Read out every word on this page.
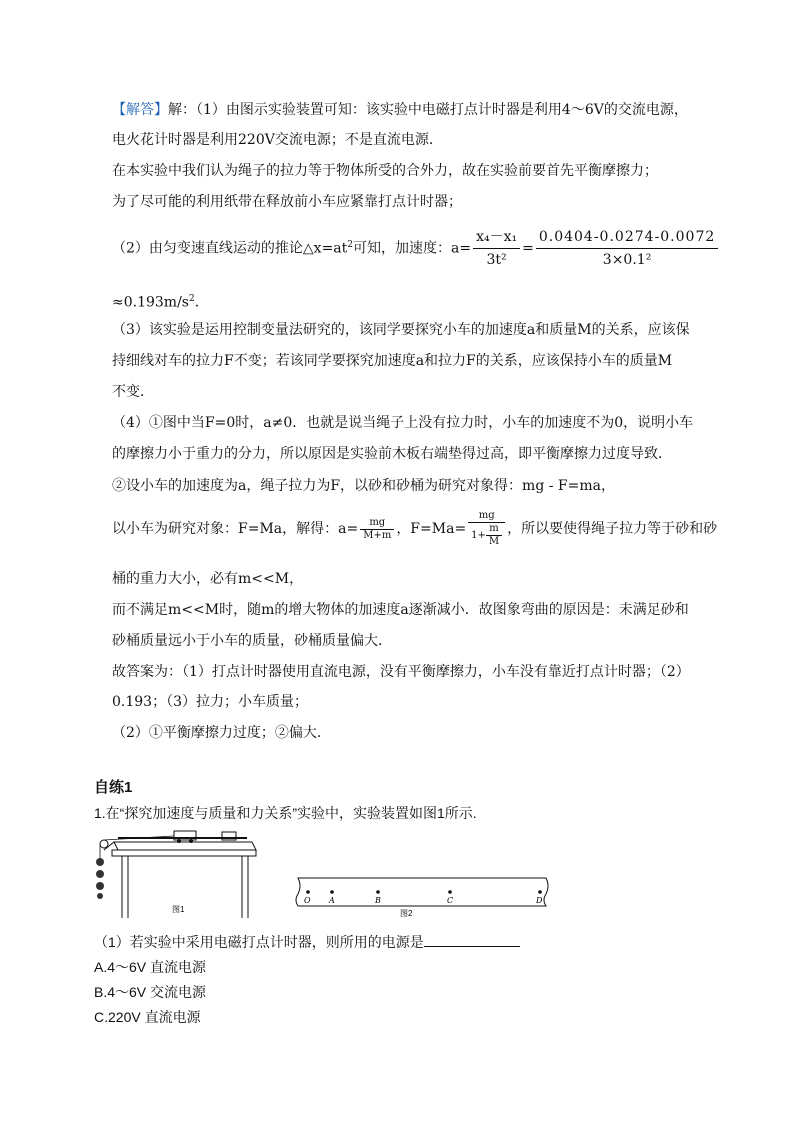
【解答】解：（1）由图示实验装置可知：该实验中电磁打点计时器是利用4～6V的交流电源，
电火花计时器是利用220V交流电源；不是直流电源．
在本实验中我们认为绳子的拉力等于物体所受的合外力，故在实验前要首先平衡摩擦力；
为了尽可能的利用纸带在释放前小车应紧靠打点计时器；
（2）由匀变速直线运动的推论$\triangle x=at^2$可知，加速度：$a= \frac{\text{x₄－x₁}}{\text{3t²}} = \frac{0.0404-0.0274-0.0072}{\text{3×0.1²}}$
$\approx 0.193m/s^2$．
（3）该实验是运用控制变量法研究的，该同学要探究小车的加速度a和质量M的关系，应该保
持细线对车的拉力F不变；若该同学要探究加速度a和拉力F的关系，应该保持小车的质量M
不变．
（4）①图中当F=0时，a≠0．也就是说当绳子上没有拉力时，小车的加速度不为0，说明小车
的摩擦力小于重力的分力，所以原因是实验前木板右端垫得过高，即平衡摩擦力过度导致．
②设小车的加速度为a，绳子拉力为F，以砂和砂桶为研究对象得：mg - F=ma，
以小车为研究对象：F=Ma，解得：$a= \frac{mg}{M+m}$ ，$F=Ma= \frac{mg}{1+ \frac{m}{M}}$ ，所以要使得绳子拉力等于砂和砂
桶的重力大小，必有m<<M，
而不满足m<<M时，随m的增大物体的加速度a逐渐减小．故图象弯曲的原因是：未满足砂和
砂桶质量远小于小车的质量，砂桶质量偏大．
故答案为：（1）打点计时器使用直流电源，没有平衡摩擦力，小车没有靠近打点计时器；（2）
0.193；（3）拉力；小车质量；
（2）①平衡摩擦力过度；②偏大．
自练1
1.在“探究加速度与质量和力关系”实验中，实验装置如图1所示.
图1
O A	B	C	D
图2
（1）若实验中采用电磁打点计时器，则所用的电源是
A.4～6V 直流电源
B.4～6V 交流电源
C.220V 直流电源
